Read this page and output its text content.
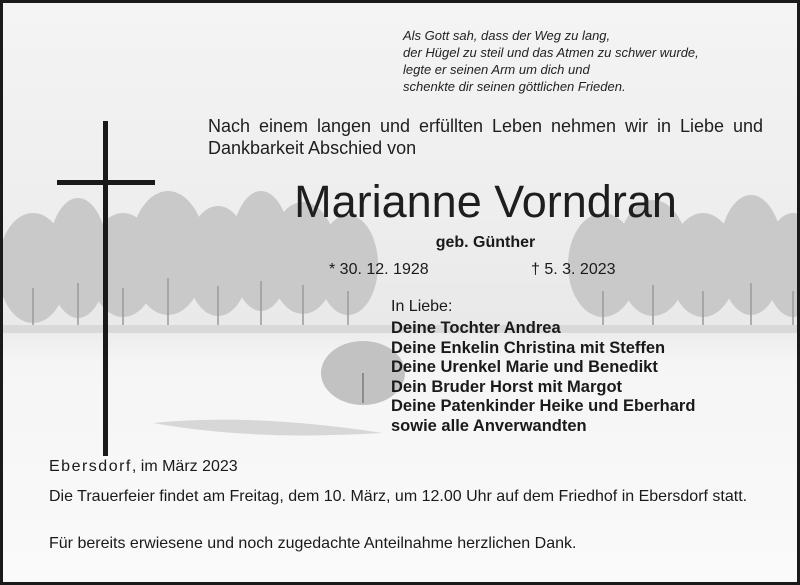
Als Gott sah, dass der Weg zu lang,
der Hügel zu steil und das Atmen zu schwer wurde,
legte er seinen Arm um dich und
schenkte dir seinen göttlichen Frieden.
Nach einem langen und erfüllten Leben nehmen wir in Liebe und Dankbarkeit Abschied von
Marianne Vorndran
geb. Günther
* 30. 12. 1928	† 5. 3. 2023
In Liebe:
Deine Tochter Andrea
Deine Enkelin Christina mit Steffen
Deine Urenkel Marie und Benedikt
Dein Bruder Horst mit Margot
Deine Patenkinder Heike und Eberhard
sowie alle Anverwandten
Ebersdorf, im März 2023
Die Trauerfeier findet am Freitag, dem 10. März, um 12.00 Uhr auf dem Friedhof in Ebersdorf statt.
Für bereits erwiesene und noch zugedachte Anteilnahme herzlichen Dank.
